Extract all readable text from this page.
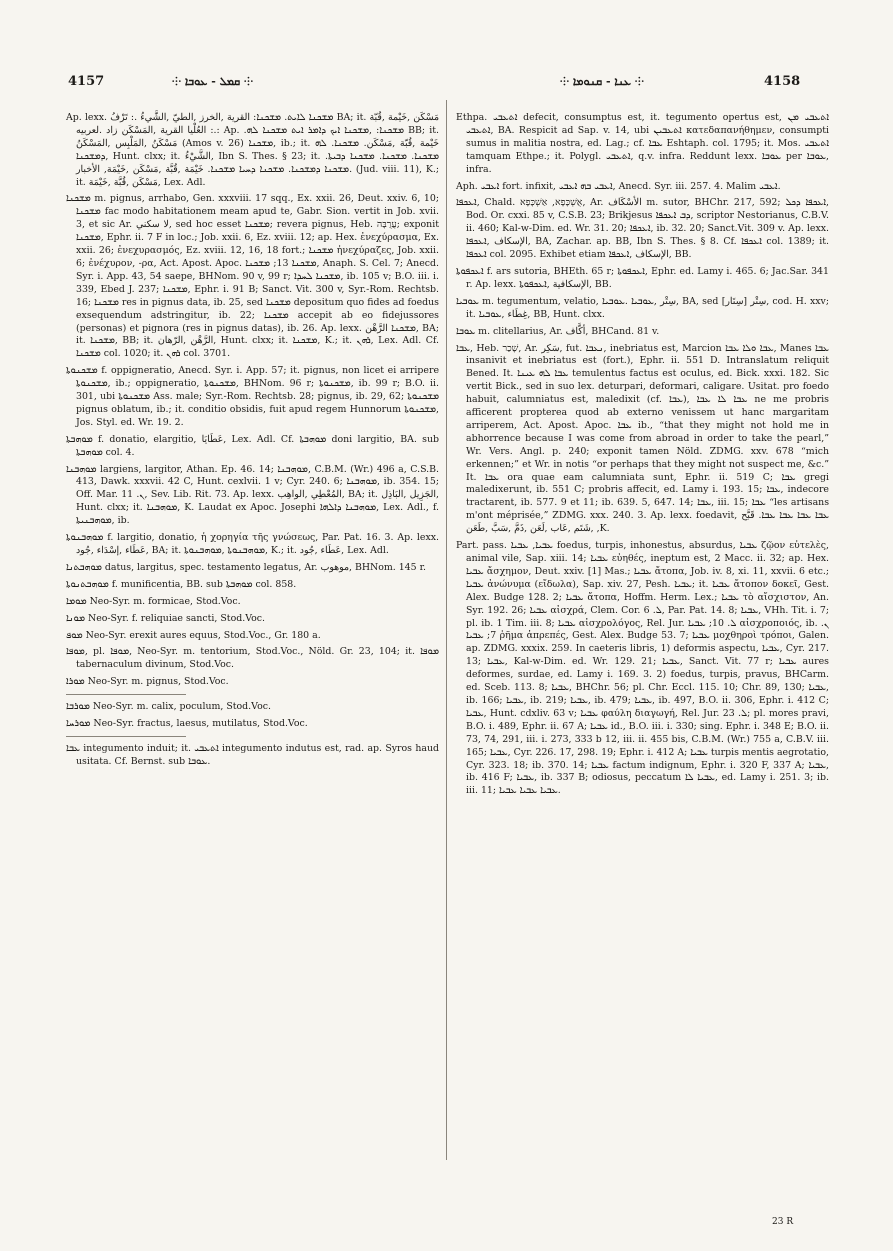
4157	⸭ ܩܡܠ - ܥܘܒܐ ⸭	⸭ ܥܢܐ - ܩܢܘܡܐ ⸭	4158

Ap. lexx. ܡܫܟܢܐ ܠܐܝܬ. ܡܫܟܢܐ: القرية ,الخرز ,الطيّ ,الشَّيءُ .: تَرْفُ BA; it. مَسْكَن ,خَيْمة ,قُبّة .: العُلْيا القرية ,المَسْكَن زاد .لعربيه: Ap. .ܡܫܟܢܐ: ,ܡܫܟܢܐ ܐܝܟ ܕܐܡܪ ܐܝܬ ܡܫܟܢܐ ܠܗ BB; it. مَسْكَنُ ,المَلْبِس ,المَسْكَنُ (Amos v. 26) ܡܫܟܢܐ, ib.; it. خَيْمة ,قُبّة ,مَسْكَن. ܡܫܟܢܐ. ܠܗ ܕܡܫܟܢܐ, Hunt. clxx; it. الشَّيْءُ, Ibn S. Thes. § 23; it. ܡܫܟܢܐ. ܡܫܟܢܐ. ܡܫܟܢܐ ܕܒܝܬܐ. ܡܫܟܢܐ ܕܡܫܟܢܐ. ܡܫܟܢܐ ܕܚܝܐ ܡܫܟܢܐ. خَيْمَة ,قُبَّة ,مَسْكَن ,خَيْمَة, الأخبار. (Jud. viii. 11), K.; it. مَسْكَن ,قُبَّة ,خَيْمَة, Lex. Adl.

ܡܫܟܢܐ m. pignus, arrhabo, Gen. xxxviii. 17 sqq., Ex. xxii. 26, Deut. xxiv. 6, 10; ܡܫܟܢܐ fac modo habitationem meam apud te, Gabr. Sion. vertit in Job. xvii. 3, et sic Ar. لا سكني, sed hoc esset ܡܫܟܢܐ; revera pignus, Heb. עֲרֻבָּה; exponit ܡܫܟܢܐ, Ephr. ii. 7 F in loc.; Job. xxii. 6, Ez. xviii. 12; ap. Hex. ἐνεχύρασμα, Ex. xxii. 26; ἐνεχυρασμός, Ez. xviii. 12, 16, 18 fort.; ܡܫܟܢܐ ἠνεχύραζες, Job. xxii. 6; ἐνέχυρον, -ρα, Act. Apost. Apoc. ܡܫܟܢܐ 13; ܡܫܟܢܐ, Anaph. S. Cel. 7; Anecd. Syr. i. App. 43, 54 saepe, BHNom. 90 v, 99 r; ܡܫܟܢܐ ܠܚܕܐ, ib. 105 v; B.O. iii. i. 339, Ebed J. 237; ܡܫܟܢܐ, Ephr. i. 91 B; Sanct. Vit. 300 v, Syr.-Rom. Rechtsb. 16; ܡܫܟܢܐ res in pignus data, ib. 25, sed ܡܫܟܢܐ depositum quo fides ad foedus exsequendum adstringitur, ib. 22; ܡܫܟܢܐ accepit ab eo fidejussores (personas) et pignora (res in pignus datas), ib. 26. Ap. lexx. ܡܫܟܢܐ الرَّهْن, BA; it. ܡܫܟܢܐ, BB; it. الرَّهْن ,الرّهان, Hunt. clxx; it. ܡܫܟܢܐ, K.; it. ܪܗܢ, Lex. Adl. Cf. ܡܫܟܢܐ col. 1020; it. ܪܗܢ col. 3701.

ܡܫܟܢܘܬܐ f. oppigneratio, Anecd. Syr. i. App. 57; it. pignus, non licet ei arripere ܡܫܟܢܘܬܐ, ib.; oppigneratio, ܡܫܟܢܘܬܐ, BHNom. 96 r; ܡܫܟܢܘܬܐ, ib. 99 r; B.O. ii. 301, ubi ܡܫܟܢܘܬܐ Ass. male; Syr.-Rom. Rechtsb. 28; pignus, ib. 29, 62; ܡܫܟܢܘܬܐ pignus oblatum, ib.; it. conditio obsidis, fuit apud regem Hunnorum ܡܫܟܢܘܬܐ, Jos. Styl. ed. Wr. 19. 2.

ܡܘܗܒܬܐ f. donatio, elargitio, عَطَايَا, Lex. Adl. Cf. ܡܘܗܒܬܐ doni largitio, BA. sub ܡܘܗܒܬܐ col. 4.

ܡܘܗܒܢܐ largiens, largitor, Athan. Ep. 46. 14; ܡܘܗܒܢܐ, C.B.M. (Wr.) 496 a, C.S.B. 413, Dawk. xxxvii. 42 C, Hunt. cexlvii. 1 v; Cyr. 240. 6; ܡܘܗܒܢܐ, ib. 354. 15; Off. Mar. ܢ. 11, Sev. Lib. Rit. 73. Ap. lexx. المُعْطِي ,الواهِب, BA; it. الجَزِيل ,البَاذِل, Hunt. clxx; it. ܡܘܗܒܢܐ, K. Laudat ex Apoc. Josephi ܡܘܗܒܢܐ ܕܐܠܗܐ, Lex. Adl., f. ܡܘܗܒܢܝܬܐ, ib.

ܡܘܗܒܢܘܬܐ f. largitio, donatio, ἡ χορηγία τῆς γνώσεως, Par. Pat. 16. 3. Ap. lexx. عَطَاء ,إسْدَاء ,جُود, BA; it. ܡܘܗܒܢܘܬܐ ,ܡܘܗܒܢܘܬܐ, K.; it. عَطَاء ,جُود, Lex. Adl.

ܡܘܗܒܬܢܐ datus, largitus, spec. testamento legatus, Ar. موهوب, BHNom. 145 r.

ܡܘܗܒܬܢܘܬܐ f. munificentia, BB. sub ܡܘܗܒܬܐ col. 858.

ܡܘܡܐ Neo-Syr. m. formicae, Stod.Voc.

ܡܘܢܐ Neo-Syr. f. reliquiae sancti, Stod.Voc.

ܡܘܦ Neo-Syr. erexit aures equus, Stod.Voc., Gr. 180 a.

ܡܘܦܐ, pl. ܡܘܦܐ, Neo-Syr. m. tentorium, Stod.Voc., Nöld. Gr. 23, 104; it. ܡܘܦܐ tabernaculum divinum, Stod.Voc.

ܡܘܪܐ Neo-Syr. m. pignus, Stod.Voc.

ܡܘܪܒܐ Neo-Syr. m. calix, poculum, Stod.Voc.

ܡܘܪܚܐ Neo-Syr. fractus, laesus, mutilatus, Stod.Voc.

ܥܒܐ integumento induit; it. ܐܬܥܒܝ integumento indutus est, rad. ap. Syros haud usitata. Cf. Bernst. sub ܥܘܒܐ.

Ethpa. ܐܬܥܒܝ defecit, consumptus est, it. tegumento opertus est, ܐܬܥܒܝ ܡܢ ܐܬܥܒܝ, BA. Respicit ad Sap. v. 14, ubi ܐܬܥܒܝܢ κατεδαπανήθημεν, consumpti sumus in malitia nostra, ed. Lag.; cf. ܥܒܐ Eshtaph. col. 1795; it. Mos. ܐܬܥܒܝ tamquam Ethpe.; it. Polygl. ܐܬܥܒܝ, q.v. infra. Reddunt lexx. ܥܘܒܐ per ܥܘܒܐ, infra.

Aph. ܐܥܒܝ fort. infixit, ܐܥܒܝ ܒܗ ܐܥܒܝ, Anecd. Syr. iii. 257. 4. Malim ܐܥܒܝ.

ܐܥܟܦܐ, Chald. אֻשְׁכָּפָא, אַשְׁכָּפָא, Ar. الأسْكَاف m. sutor, BHChr. 217, 592; ܐܥܟܦܐ ܕܟܠ, Bod. Or. cxxi. 85 v, C.S.B. 23; Brikjesus ܕܒ ܐܥܟܦܐ, scriptor Nestorianus, C.B.V. ii. 460; Kal-w-Dim. ed. Wr. 31. 20; ܐܥܟܦܐ, ib. 32. 20; Sanct.Vit. 309 v. Ap. lexx. الإسكاف ,ܐܥܟܦܐ, BA, Zachar. ap. BB, Ibn S. Thes. § 8. Cf. ܐܥܟܦܐ col. 1389; it. ܐܥܟܦܐ col. 2095. Exhibet etiam الإسكاف ,ܐܥܟܦܐ, BB.

ܐܥܟܦܘܬܐ f. ars sutoria, BHEth. 65 r; ܐܥܟܦܘܬܐ, Ephr. ed. Lamy i. 465. 6; Jac.Sar. 341 r. Ap. lexx. الإسكافية ,ܐܥܟܦܘܬܐ, BB.

ܥܘܒܝܐ m. tegumentum, velatio, سِتْر ,ܥܘܒܝܐ .ܥܘܒܝܐ, BA, sed سِتْر [سِتَار], cod. H. xxv; it. غِطَاء ,ܥܘܒܝܐ, BB, Hunt. clxx.

ܥܘܒܐ m. clitellarius, Ar. أكَّاف, BHCand. 81 v.

ܥܒܐ, Heb. שָׁכַר, Ar. سَكِر, fut. ܢܥܒܐ, inebriatus est, Marcion ܥܒܐ ܘܠܐ ܥܒܐ, Manes ܥܒܐ insanivit et inebriatus est (fort.), Ephr. ii. 551 D. Intranslatum reliquit Bened. It. ܥܒܐ ܠܗ ܥܝܢܐ temulentus factus est oculus, ed. Bick. xxxi. 182. Sic vertit Bick., sed in suo lex. deturpari, deformari, caligare. Usitat. pro foedo habuit, calumniatus est, maledixit (cf. ܥܒܐ), ܥܒܐ ܠܐ ܥܒܐ ne me probris afficerent propterea quod ab externo venissem ut hanc margaritam arriperem, Act. Apost. Apoc. ܥܒܐ ib., “that they might not hold me in abhorrence because I was come from abroad in order to take the pearl,” Wr. Vers. Angl. p. 240; exponit tamen Nöld. ZDMG. xxv. 678 “mich erkennen;” et Wr. in notis “or perhaps that they might not suspect me, &c.” It. ܥܒܐ ora quae eam calumniata sunt, Ephr. ii. 519 C; ܥܒܐ gregi maledixerunt, ib. 551 C; probris affecit, ed. Lamy i. 193. 15; ܥܒܐ, indecore tractarent, ib. 577. 9 et 11; ib. 639. 5, 647. 14; ܥܒܐ, iii. 15; ܥܒܐ “les artisans m'ont méprisée,” ZDMG. xxx. 240. 3. Ap. lexx. foedavit, ܥܒܐ ܥܒܐ ܥܒܐ ܥܒܐ. قَبَّح ,شَتَم ,عَاب ,لَعَن ,ذَمَّ ,سَبَّ ,طَعَن ,K.

Part. pass. ܥܒܝܐ, ܥܒܝܐ foedus, turpis, inhonestus, absurdus, ܥܒܝܐ ζῷον εὐτελὲς, animal vile, Sap. xiii. 14; ܥܒܝܐ εὐηθές, ineptum est, 2 Macc. ii. 32; ap. Hex. ܥܒܝܐ ἄσχημον, Deut. xxiv. [1] Mas.; ܥܒܝܐ ἄτοπα, Job. iv. 8, xi. 11, xxvii. 6 etc.; ܥܒܝܐ ἀνώνυμα (εἴδωλα), Sap. xiv. 27, Pesh. ܥܒܝܐ; it. ܥܒܝܐ ἄτοπον δοκεῖ, Gest. Alex. Budge 128. 2; ܥܒܝܐ ἄτοπα, Hoffm. Herm. Lex.; ܥܒܝܐ τὸ αἴσχιστον, An. Syr. 192. 26; ܥܒܝܐ αἰσχρά, Clem. Cor. ܠ. 6, Par. Pat. 14. 8; ܥܒܝܐ, VHh. Tit. i. 7; pl. ib. 1 Tim. iii. 8; ܥܒܝܐ αἰσχρολόγος, Rel. Jur. ܠ. 10; ܥܒܝܐ αἰσχροποιός, ib. ܢ. 7; ܥܒܝܐ ῥῆμα ἀπρεπές, Gest. Alex. Budge 53. 7; ܥܒܝܐ μοχθηροὶ τρόποι, Galen. ap. ZDMG. xxxix. 259. In caeteris libris, 1) deformis aspectu, ܥܒܝܐ, Cyr. 217. 13; ܥܒܝܐ, Kal-w-Dim. ed. Wr. 129. 21; ܥܒܝܐ, Sanct. Vit. 77 r; ܥܒܝܐ aures deformes, surdae, ed. Lamy i. 169. 3. 2) foedus, turpis, pravus, BHCarm. ed. Sceb. 113. 8; ܥܒܝܐ, BHChr. 56; pl. Chr. Eccl. 115. 10; Chr. 89, 130; ܥܒܝܐ, ib. 166; ܥܒܝܐ, ib. 219; ܥܒܝܐ, ib. 479; ܥܒܝܐ, ib. 497, B.O. ii. 306, Ephr. i. 412 C; ܥܒܝܐ, Hunt. cdxliv. 63 v; ܥܒܝܐ φαύλη διαγωγή, Rel. Jur. ܠ. 23; pl. mores pravi, B.O. i. 489, Ephr. ii. 67 A; ܥܒܝܐ id., B.O. iii. i. 330; sing. Ephr. i. 348 E; B.O. ii. 73, 74, 291, iii. i. 273, 333 b 12, iii. ii. 455 bis, C.B.M. (Wr.) 755 a, C.B.V. iii. 165; ܥܒܝܐ, Cyr. 226. 17, 298. 19; Ephr. i. 412 A; ܥܒܝܐ turpis mentis aegrotatio, Cyr. 323. 18; ib. 370. 14; ܥܒܝܐ factum indignum, Ephr. i. 320 F, 337 A; ܥܒܝܐ, ib. 416 F; ܥܒܝܐ, ib. 337 B; odiosus, peccatum ܥܒܝܐ ܠܐ, ed. Lamy i. 251. 3; ib. iii. 11; ܥܒܝܐ ܥܒܝܐ ܥܒܝܐ.

23 R
